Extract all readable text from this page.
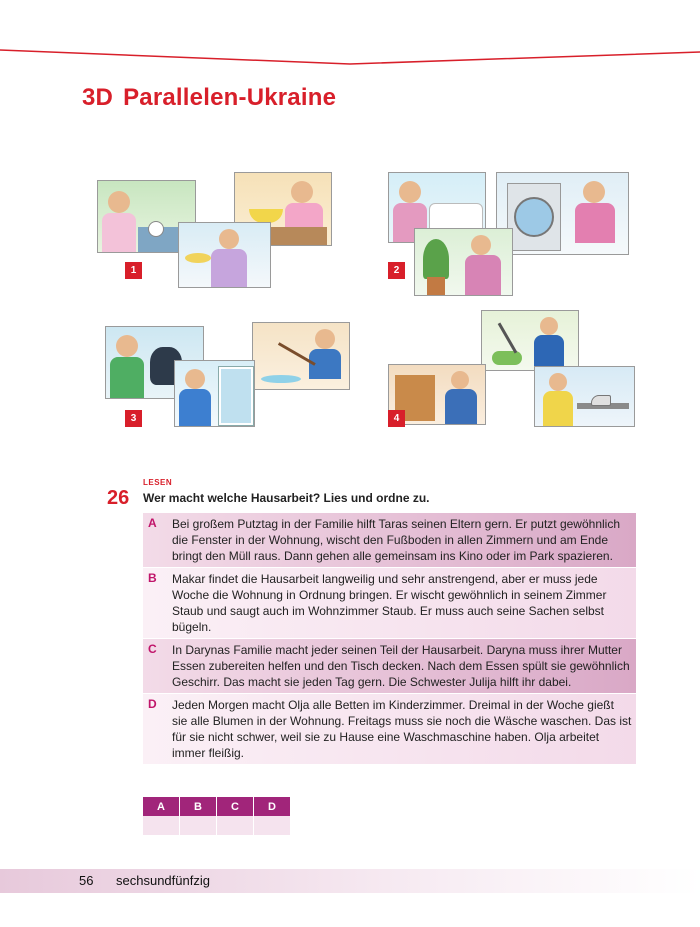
3D Parallelen-Ukraine
1	2
3	4
LESEN
26 Wer macht welche Hausarbeit? Lies und ordne zu.
A	Bei großem Putztag in der Familie hilft Taras seinen Eltern gern. Er putzt gewöhnlich die Fenster in der Wohnung, wischt den Fußboden in allen Zimmern und am Ende bringt den Müll raus. Dann gehen alle gemeinsam ins Kino oder im Park spazieren.
B	Makar findet die Hausarbeit langweilig und sehr anstrengend, aber er muss jede Woche die Wohnung in Ordnung bringen. Er wischt gewöhnlich in seinem Zimmer Staub und saugt auch im Wohnzimmer Staub. Er muss auch seine Sachen selbst bügeln.
C	In Darynas Familie macht jeder seinen Teil der Hausarbeit. Daryna muss ihrer Mutter Essen zubereiten helfen und den Tisch decken. Nach dem Essen spült sie gewöhnlich Geschirr. Das macht sie jeden Tag gern. Die Schwester Julija hilft ihr dabei.
D	Jeden Morgen macht Olja alle Betten im Kinderzimmer. Dreimal in der Woche gießt sie alle Blumen in der Wohnung. Freitags muss sie noch die Wäsche waschen. Das ist für sie nicht schwer, weil sie zu Hause eine Waschmaschine haben. Olja arbeitet immer fleißig.
A	B	C	D

56 sechsundfünfzig
